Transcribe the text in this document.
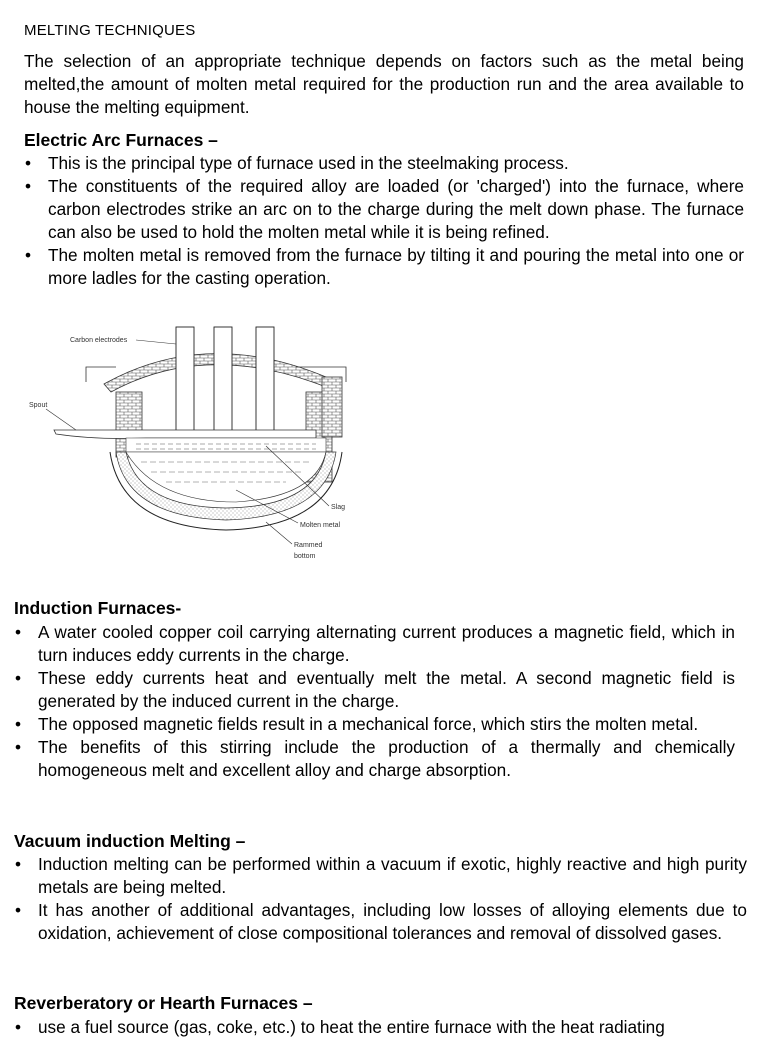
MELTING TECHNIQUES
The selection of an appropriate technique depends on factors such as the metal being melted,the amount of molten metal required for the production run and the area available to house the melting equipment.
Electric Arc Furnaces –
• This is the principal type of furnace used in the steelmaking process.
• The constituents of the required alloy are loaded (or 'charged') into the furnace, where carbon electrodes strike an arc on to the charge during the melt down phase. The furnace can also be used to hold the molten metal while it is being refined.
• The molten metal is removed from the furnace by tilting it and pouring the metal into one or more ladles for the casting operation.
Carbon electrodes
Spout
Slag
Molten metal
Rammed
bottom
Induction Furnaces-
• A water cooled copper coil carrying alternating current produces a magnetic field, which in turn induces eddy currents in the charge.
• These eddy currents heat and eventually melt the metal. A second magnetic field is generated by the induced current in the charge.
• The opposed magnetic fields result in a mechanical force, which stirs the molten metal.
• The benefits of this stirring include the production of a thermally and chemically homogeneous melt and excellent alloy and charge absorption.
Vacuum induction Melting –
• Induction melting can be performed within a vacuum if exotic, highly reactive and high purity metals are being melted.
• It has another of additional advantages, including low losses of alloying elements due to oxidation, achievement of close compositional tolerances and removal of dissolved gases.
Reverberatory or Hearth Furnaces –
• use a fuel source (gas, coke, etc.) to heat the entire furnace with the heat radiating
